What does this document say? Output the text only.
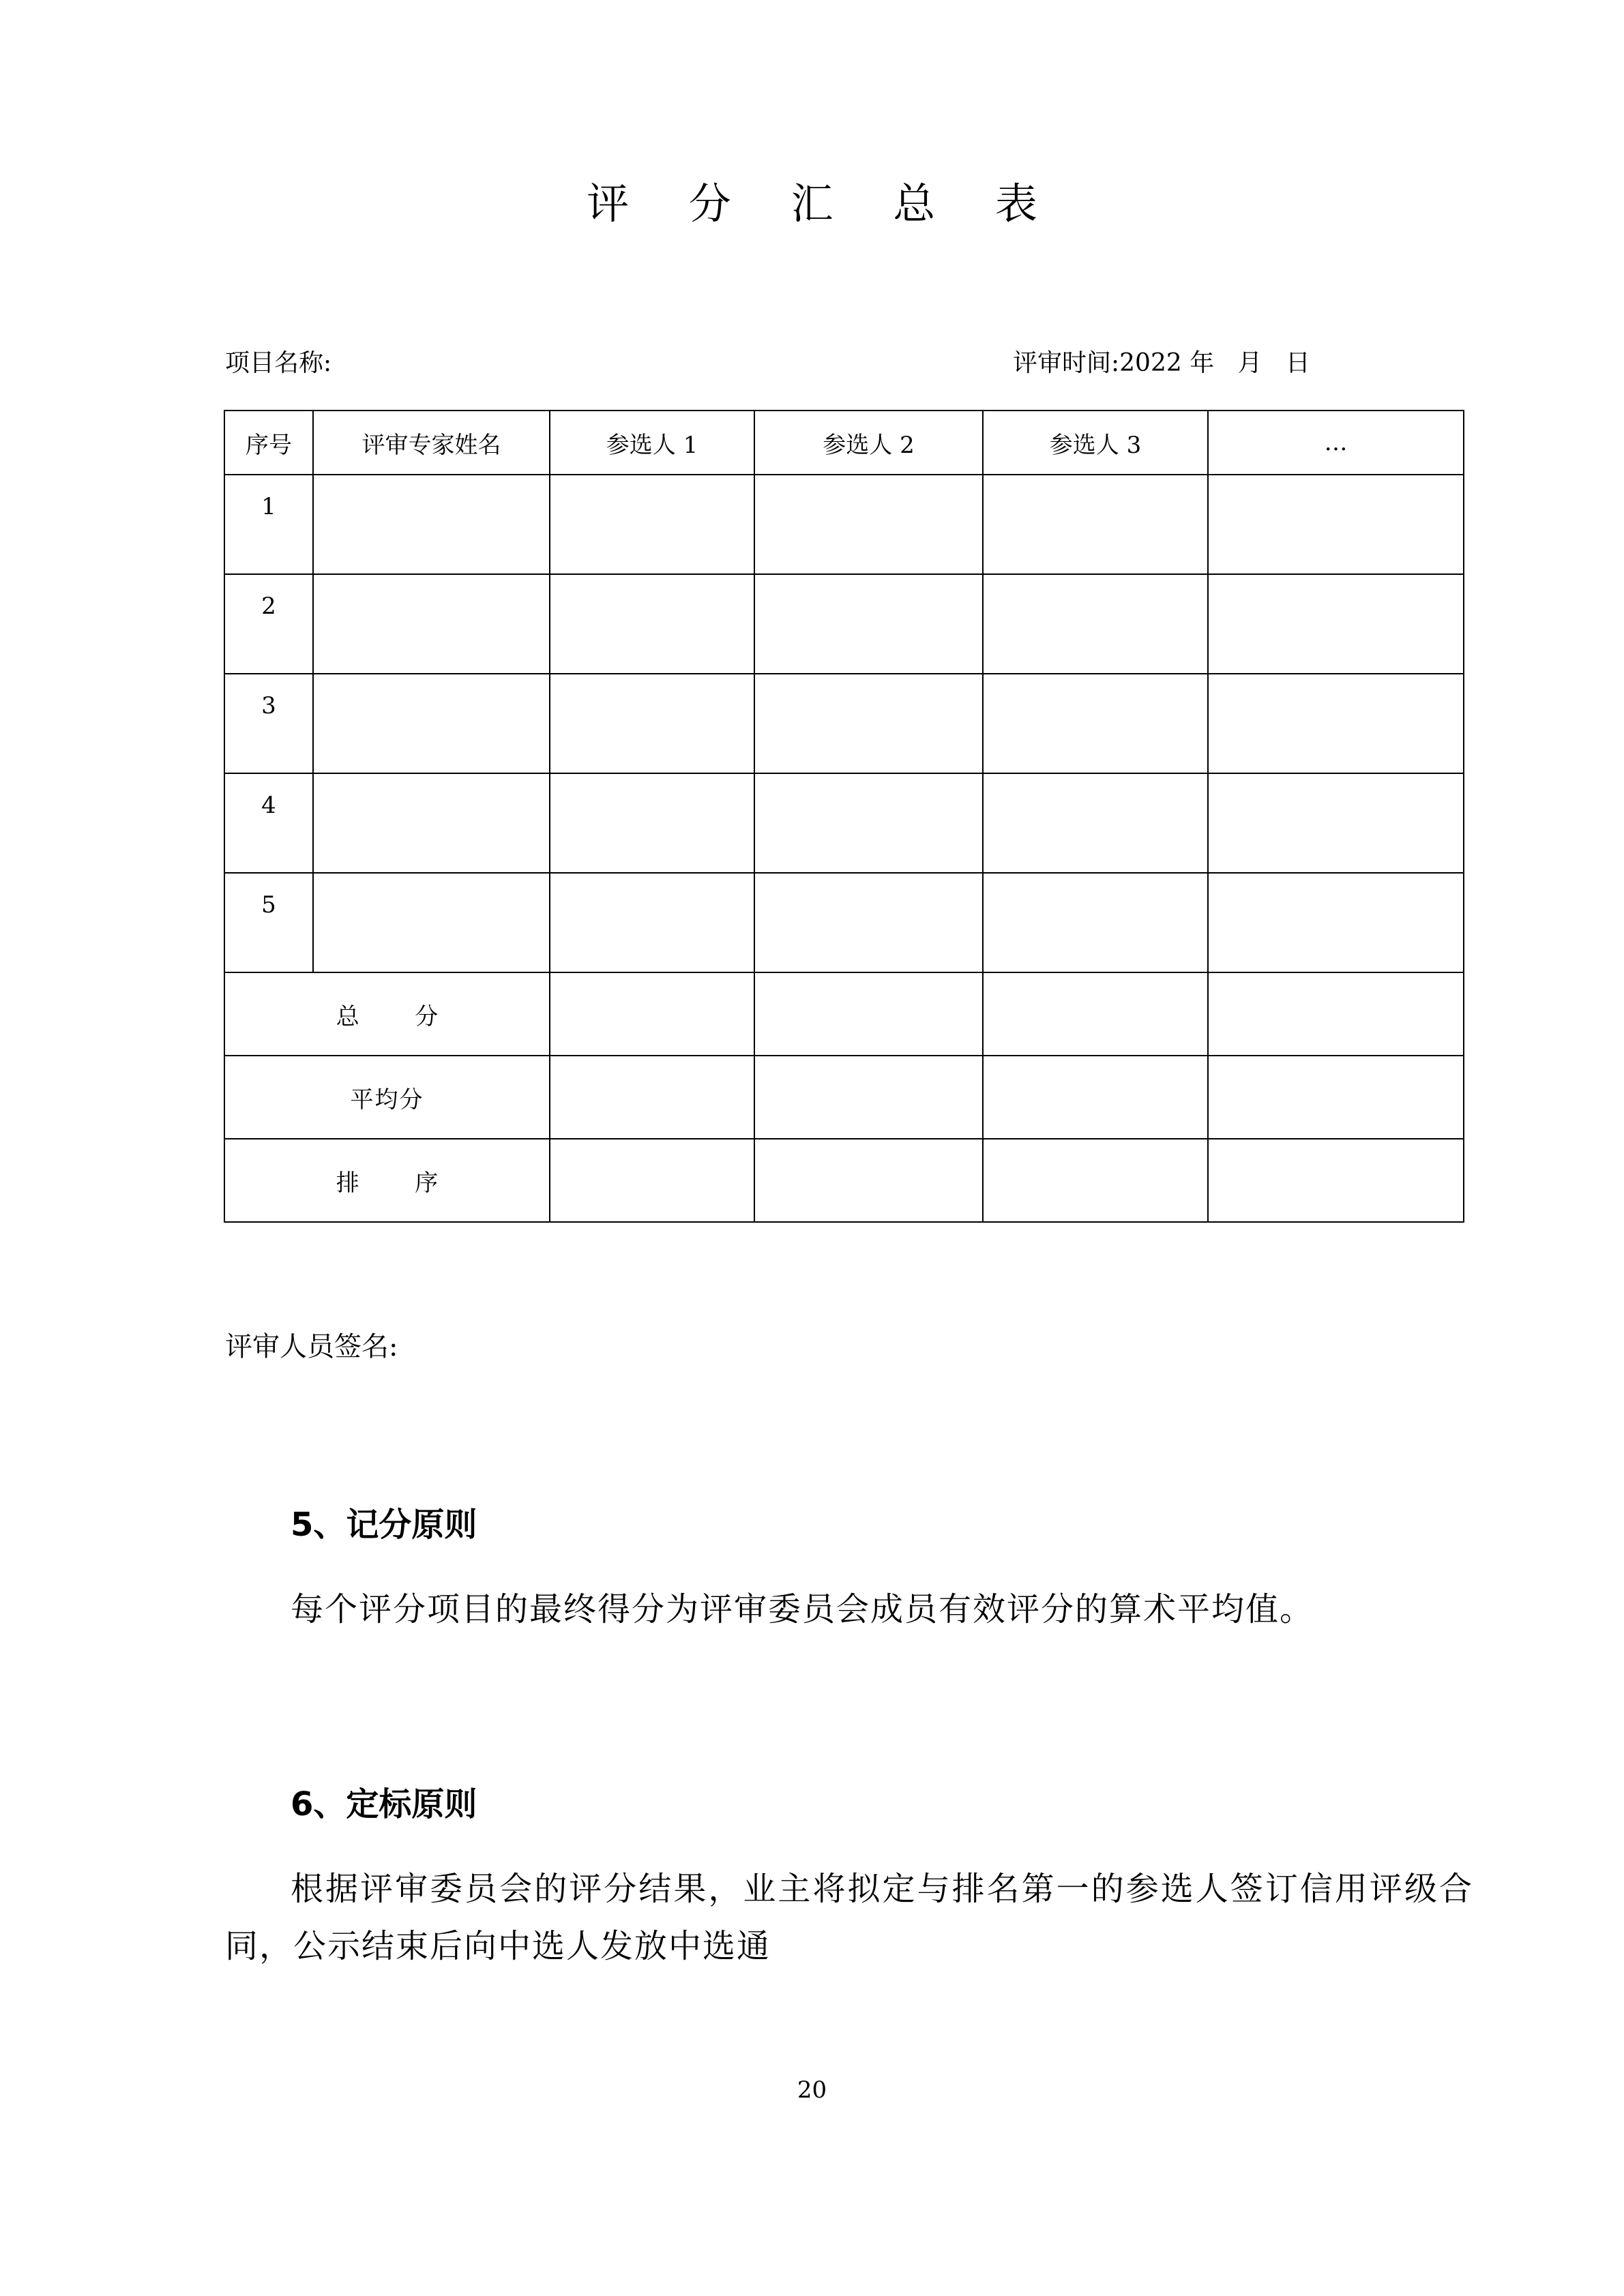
评 分 汇 总 表
项目名称:	评审时间:2022 年   月   日
序号	评审专家姓名	参选人 1	参选人 2	参选人 3	…
1					
2					
3					
4					
5					
总  分					
平均分					
排  序					
评审人员签名:
5、记分原则
每个评分项目的最终得分为评审委员会成员有效评分的算术平均值。
6、定标原则
根据评审委员会的评分结果，业主将拟定与排名第一的参选人签订信用评级合同，公示结束后向中选人发放中选通
20
